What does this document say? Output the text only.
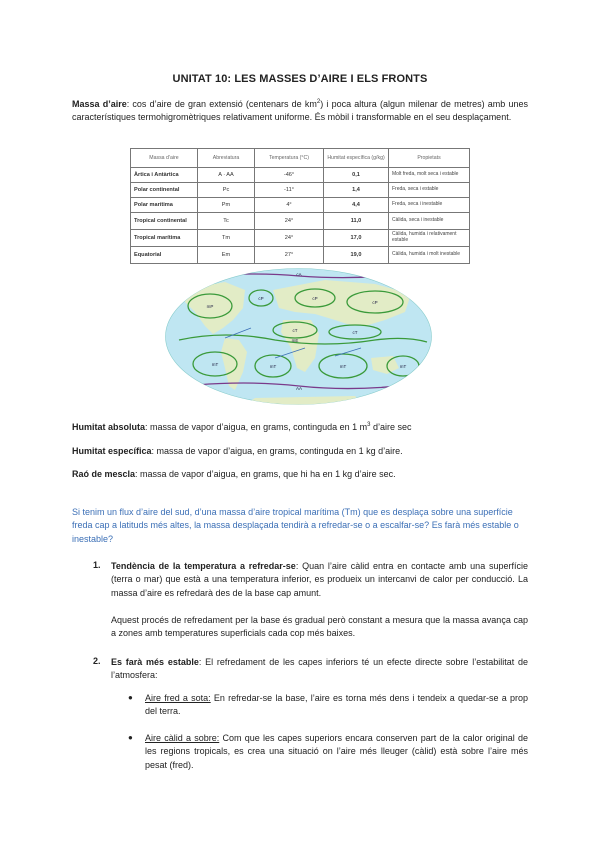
UNITAT 10: LES MASSES D’AIRE I ELS FRONTS
Massa d’aire: cos d’aire de gran extensió (centenars de $km^2$) i poca altura (algun milenar de metres) amb unes característiques termohigromètriques relativament uniforme. És mòbil i transformable en el seu desplaçament.
Massa d’aire	Abreviatura	Temperatura (°C)	Humitat específica (g/kg)	Propietats
Àrtica i Antàrtica	A · AA	-46°	0,1	Molt freda, molt seca i estable
Polar continental	Pc	-11°	1,4	Freda, seca i estable
Polar marítima	Pm	4°	4,4	Freda, seca i inestable
Tropical continental	Tc	24°	11,0	Càlida, seca i inestable
Tropical marítima	Tm	24°	17,0	Càlida, humida i relativament estable
Equatorial	Em	27°	19,0	Càlida, humida i molt inestable
mP
cP	cP
cP
cT	cT
mE
mT	mT	mT	mT
AA
cA
Humitat absoluta: massa de vapor d’aigua, en grams, continguda en 1 $m^3$ d’aire sec
Humitat específica: massa de vapor d’aigua, en grams, continguda en 1 kg d’aire.
Raó de mescla: massa de vapor d’aigua, en grams, que hi ha en 1 kg d’aire sec.
Si tenim un flux d’aire del sud, d’una massa d’aire tropical marítima (Tm) que es desplaça sobre una superfície freda cap a latituds més altes, la massa desplaçada tendirà a refredar-se o a escalfar-se? Es farà més estable o inestable?
1. Tendència de la temperatura a refredar-se: Quan l’aire càlid entra en contacte amb una superfície (terra o mar) que està a una temperatura inferior, es produeix un intercanvi de calor per conducció. La massa d’aire es refredarà des de la base cap amunt.
Aquest procés de refredament per la base és gradual però constant a mesura que la massa avança cap a zones amb temperatures superficials cada cop més baixes.
2. Es farà més estable: El refredament de les capes inferiors té un efecte directe sobre l’estabilitat de l’atmosfera:
● Aire fred a sota: En refredar-se la base, l’aire es torna més dens i tendeix a quedar-se a prop del terra.
● Aire càlid a sobre: Com que les capes superiors encara conserven part de la calor original de les regions tropicals, es crea una situació on l’aire més lleuger (càlid) està sobre l’aire més pesat (fred).
